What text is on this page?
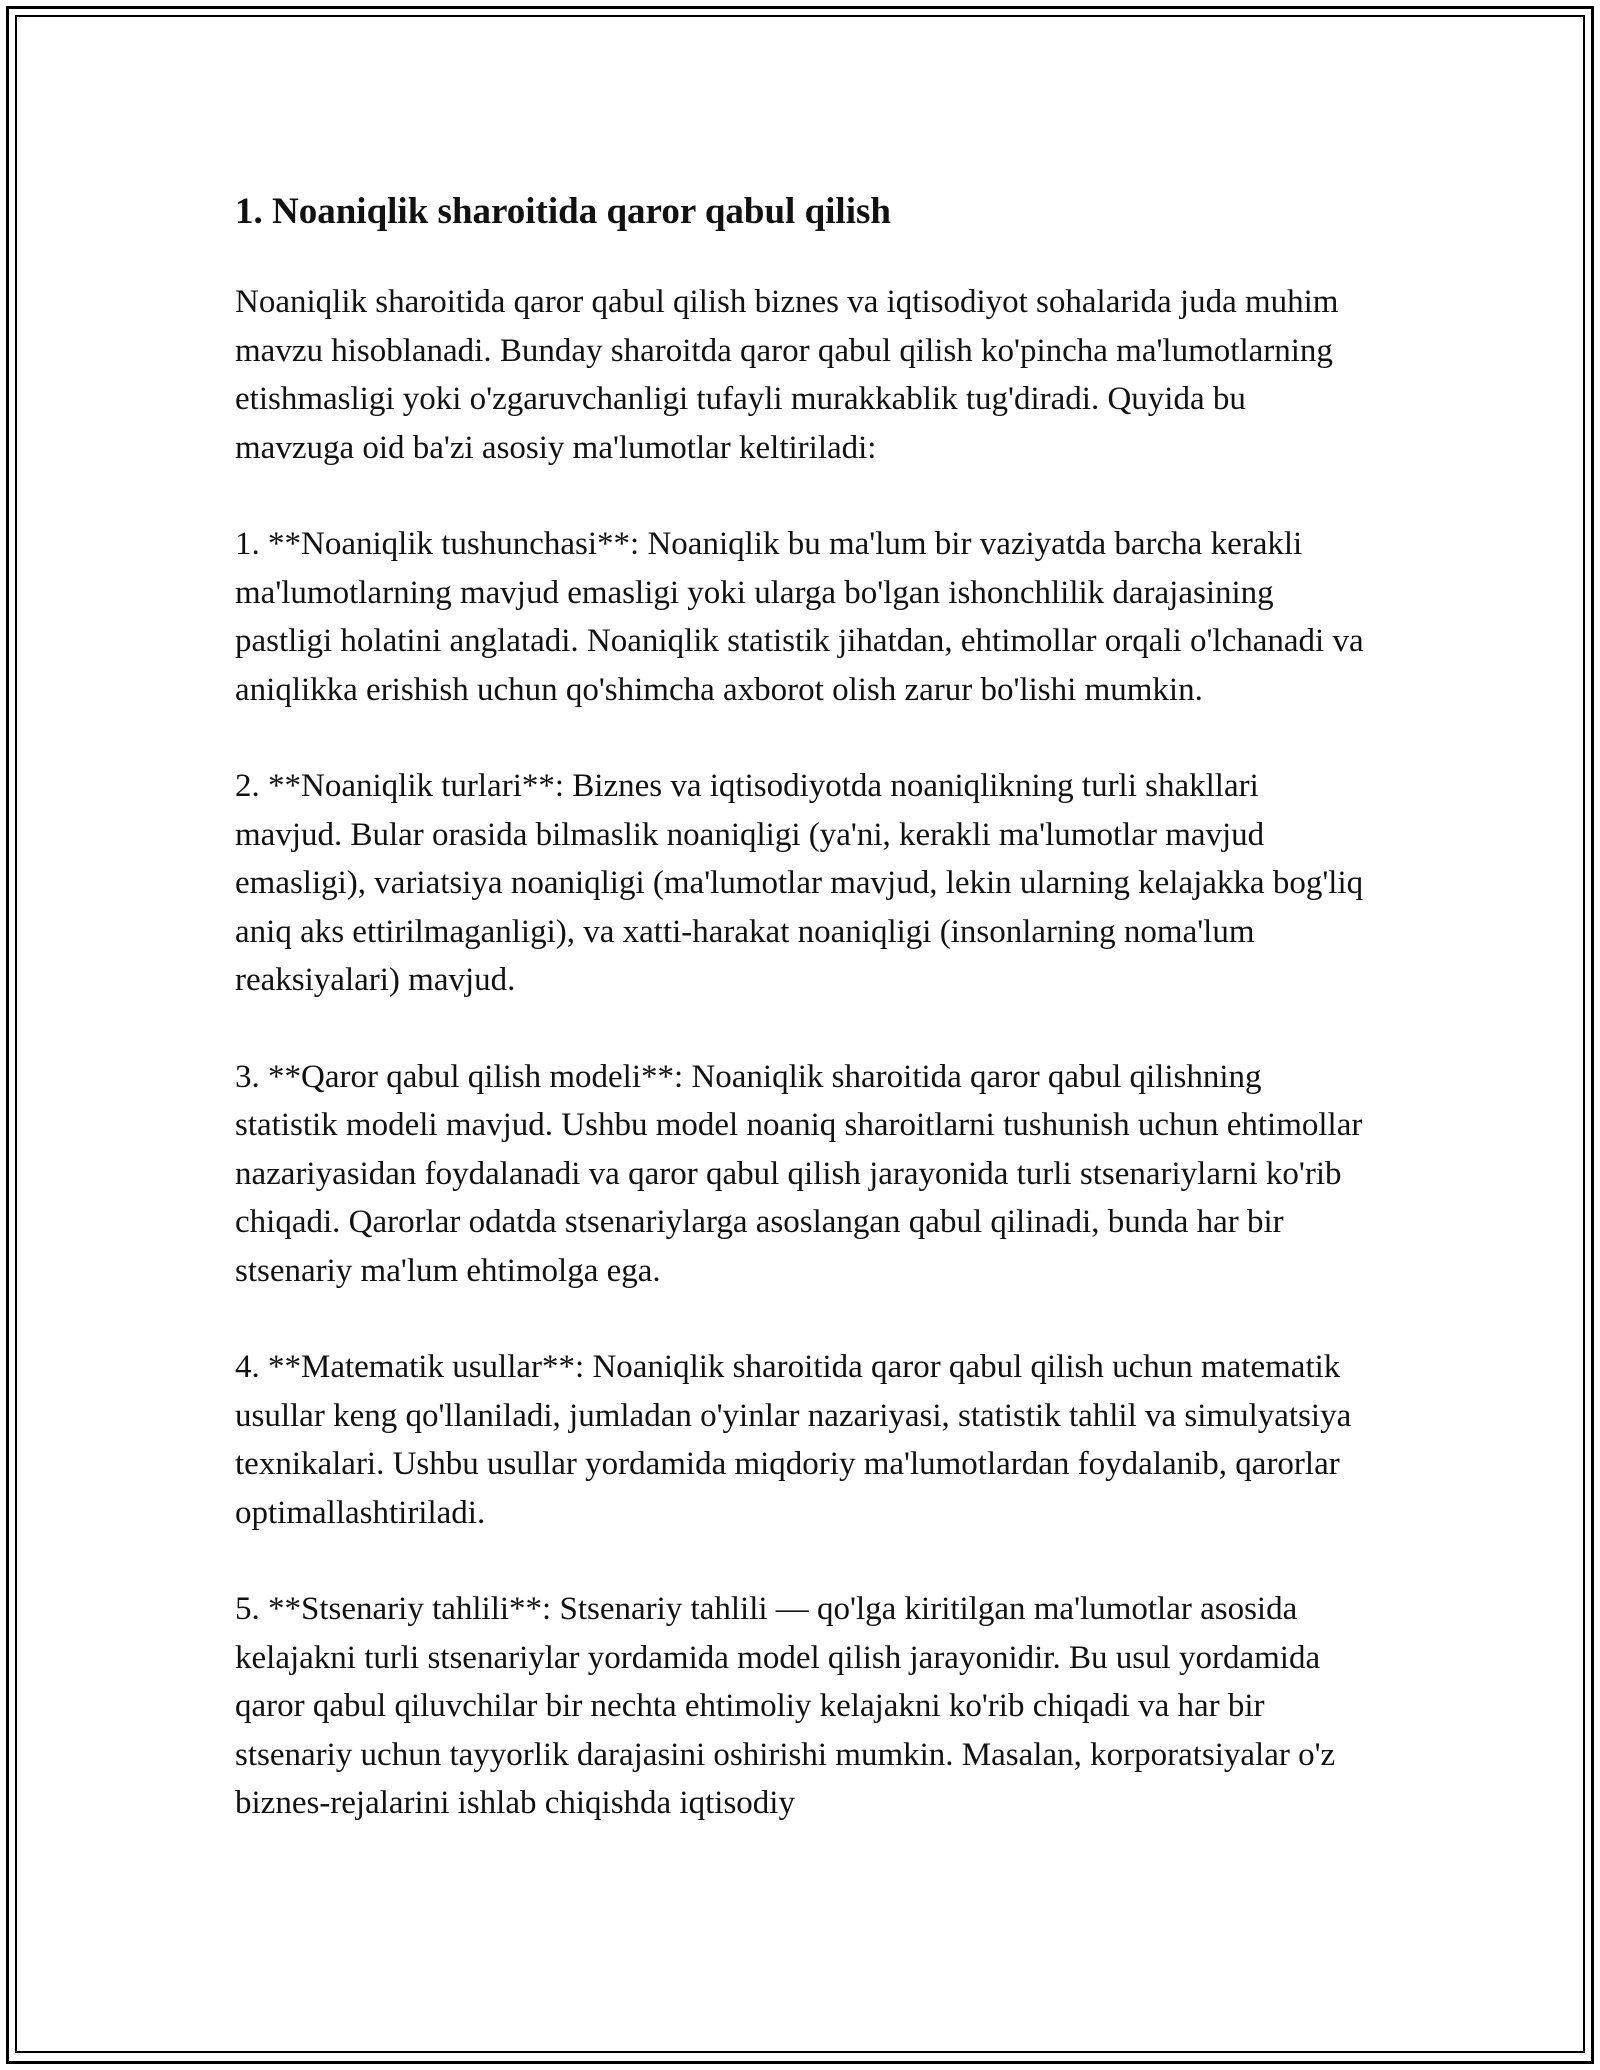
1. Noaniqlik sharoitida qaror qabul qilish

Noaniqlik sharoitida qaror qabul qilish biznes va iqtisodiyot sohalarida juda muhim mavzu hisoblanadi. Bunday sharoitda qaror qabul qilish ko'pincha ma'lumotlarning etishmasligi yoki o'zgaruvchanligi tufayli murakkablik tug'diradi. Quyida bu mavzuga oid ba'zi asosiy ma'lumotlar keltiriladi:

1. **Noaniqlik tushunchasi**: Noaniqlik bu ma'lum bir vaziyatda barcha kerakli ma'lumotlarning mavjud emasligi yoki ularga bo'lgan ishonchlilik darajasining pastligi holatini anglatadi. Noaniqlik statistik jihatdan, ehtimollar orqali o'lchanadi va aniqlikka erishish uchun qo'shimcha axborot olish zarur bo'lishi mumkin.

2. **Noaniqlik turlari**: Biznes va iqtisodiyotda noaniqlikning turli shakllari mavjud. Bular orasida bilmaslik noaniqligi (ya'ni, kerakli ma'lumotlar mavjud emasligi), variatsiya noaniqligi (ma'lumotlar mavjud, lekin ularning kelajakka bog'liq aniq aks ettirilmaganligi), va xatti-harakat noaniqligi (insonlarning noma'lum reaksiyalari) mavjud.

3. **Qaror qabul qilish modeli**: Noaniqlik sharoitida qaror qabul qilishning statistik modeli mavjud. Ushbu model noaniq sharoitlarni tushunish uchun ehtimollar nazariyasidan foydalanadi va qaror qabul qilish jarayonida turli stsenariylarni ko'rib chiqadi. Qarorlar odatda stsenariylarga asoslangan qabul qilinadi, bunda har bir stsenariy ma'lum ehtimolga ega.

4. **Matematik usullar**: Noaniqlik sharoitida qaror qabul qilish uchun matematik usullar keng qo'llaniladi, jumladan o'yinlar nazariyasi, statistik tahlil va simulyatsiya texnikalari. Ushbu usullar yordamida miqdoriy ma'lumotlardan foydalanib, qarorlar optimallashtiriladi.

5. **Stsenariy tahlili**: Stsenariy tahlili — qo'lga kiritilgan ma'lumotlar asosida kelajakni turli stsenariylar yordamida model qilish jarayonidir. Bu usul yordamida qaror qabul qiluvchilar bir nechta ehtimoliy kelajakni ko'rib chiqadi va har bir stsenariy uchun tayyorlik darajasini oshirishi mumkin. Masalan, korporatsiyalar o'z biznes-rejalarini ishlab chiqishda iqtisodiy
